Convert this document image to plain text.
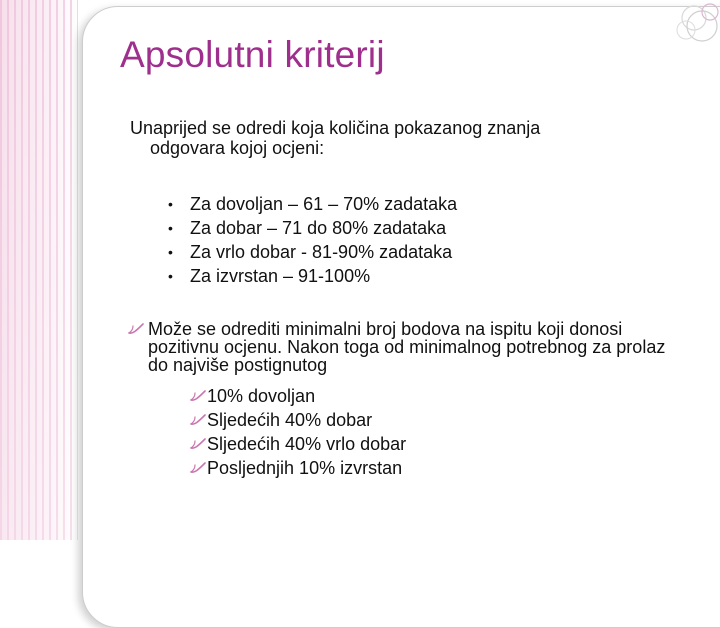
Apsolutni kriterij
Unaprijed se odredi koja količina pokazanog znanja
odgovara kojoj ocjeni:
• Za dovoljan – 61 – 70% zadataka
• Za dobar – 71 do 80% zadataka
• Za vrlo dobar - 81-90% zadataka
• Za izvrstan – 91-100%
Može se odrediti minimalni broj bodova na ispitu koji donosi pozitivnu ocjenu. Nakon toga od minimalnog potrebnog za prolaz do najviše postignutog
10% dovoljan
Sljedećih 40% dobar
Sljedećih 40% vrlo dobar
Posljednjih 10% izvrstan
